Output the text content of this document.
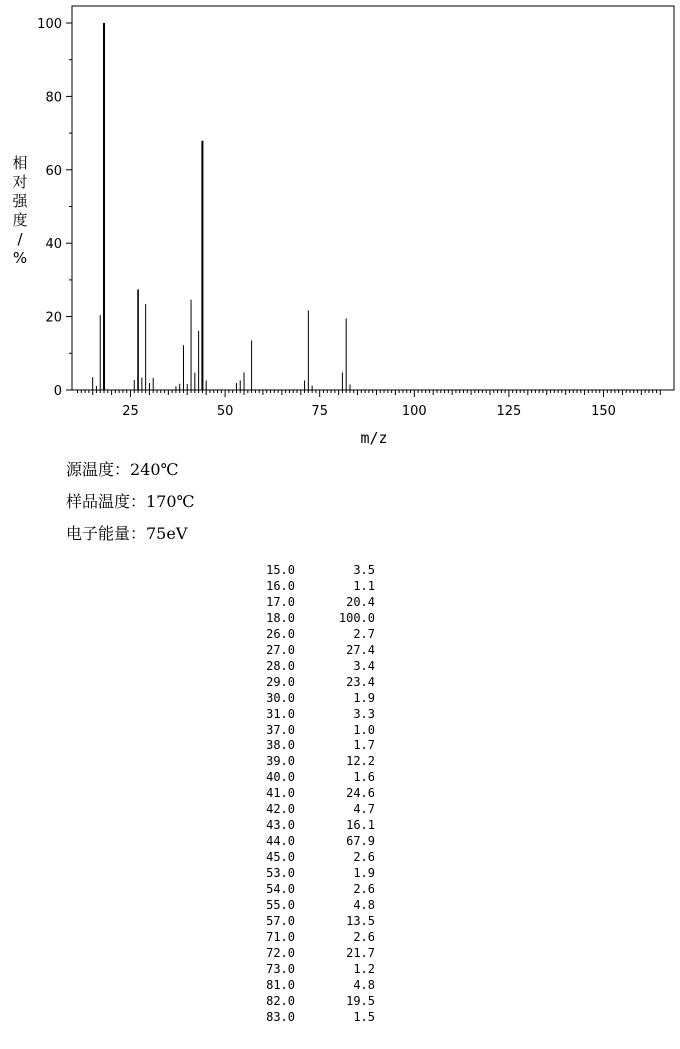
0
20
40
60
80
100
25	50	75	100	125	150
m/z
相对强度/ %
源温度：240℃
样品温度：170℃
电子能量：75eV
15.0	3.5
16.0	1.1
17.0	20.4
18.0	100.0
26.0	2.7
27.0	27.4
28.0	3.4
29.0	23.4
30.0	1.9
31.0	3.3
37.0	1.0
38.0	1.7
39.0	12.2
40.0	1.6
41.0	24.6
42.0	4.7
43.0	16.1
44.0	67.9
45.0	2.6
53.0	1.9
54.0	2.6
55.0	4.8
57.0	13.5
71.0	2.6
72.0	21.7
73.0	1.2
81.0	4.8
82.0	19.5
83.0	1.5
